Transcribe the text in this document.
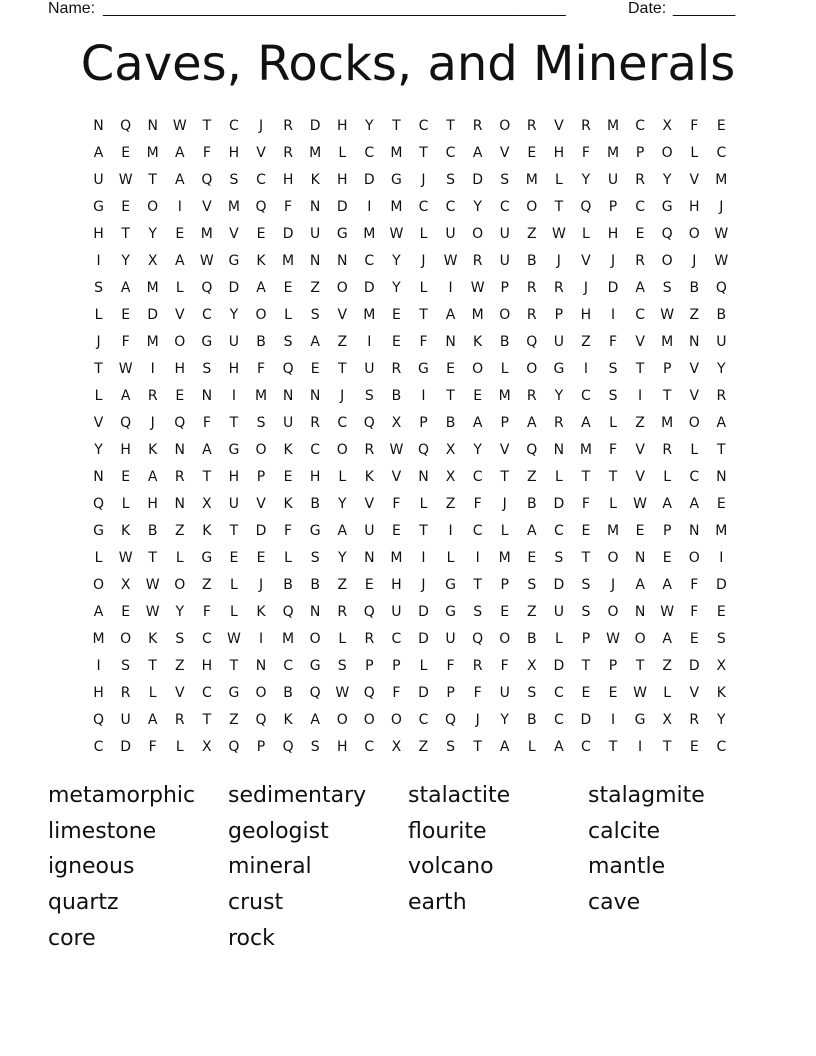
Name: ____________________________________________________	Date: _______
Caves, Rocks, and Minerals
N	Q	N	W	T	C	J	R	D	H	Y	T	C	T	R	O	R	V	R	M	C	X	F	E
A	E	M	A	F	H	V	R	M	L	C	M	T	C	A	V	E	H	F	M	P	O	L	C
U	W	T	A	Q	S	C	H	K	H	D	G	J	S	D	S	M	L	Y	U	R	Y	V	M
G	E	O	I	V	M	Q	F	N	D	I	M	C	C	Y	C	O	T	Q	P	C	G	H	J
H	T	Y	E	M	V	E	D	U	G	M	W	L	U	O	U	Z	W	L	H	E	Q	O	W
I	Y	X	A	W	G	K	M	N	N	C	Y	J	W	R	U	B	J	V	J	R	O	J	W
S	A	M	L	Q	D	A	E	Z	O	D	Y	L	I	W	P	R	R	J	D	A	S	B	Q
L	E	D	V	C	Y	O	L	S	V	M	E	T	A	M	O	R	P	H	I	C	W	Z	B
J	F	M	O	G	U	B	S	A	Z	I	E	F	N	K	B	Q	U	Z	F	V	M	N	U
T	W	I	H	S	H	F	Q	E	T	U	R	G	E	O	L	O	G	I	S	T	P	V	Y
L	A	R	E	N	I	M	N	N	J	S	B	I	T	E	M	R	Y	C	S	I	T	V	R
V	Q	J	Q	F	T	S	U	R	C	Q	X	P	B	A	P	A	R	A	L	Z	M	O	A
Y	H	K	N	A	G	O	K	C	O	R	W	Q	X	Y	V	Q	N	M	F	V	R	L	T
N	E	A	R	T	H	P	E	H	L	K	V	N	X	C	T	Z	L	T	T	V	L	C	N
Q	L	H	N	X	U	V	K	B	Y	V	F	L	Z	F	J	B	D	F	L	W	A	A	E
G	K	B	Z	K	T	D	F	G	A	U	E	T	I	C	L	A	C	E	M	E	P	N	M
L	W	T	L	G	E	E	L	S	Y	N	M	I	L	I	M	E	S	T	O	N	E	O	I
O	X	W	O	Z	L	J	B	B	Z	E	H	J	G	T	P	S	D	S	J	A	A	F	D
A	E	W	Y	F	L	K	Q	N	R	Q	U	D	G	S	E	Z	U	S	O	N	W	F	E
M	O	K	S	C	W	I	M	O	L	R	C	D	U	Q	O	B	L	P	W	O	A	E	S
I	S	T	Z	H	T	N	C	G	S	P	P	L	F	R	F	X	D	T	P	T	Z	D	X
H	R	L	V	C	G	O	B	Q	W	Q	F	D	P	F	U	S	C	E	E	W	L	V	K
Q	U	A	R	T	Z	Q	K	A	O	O	O	C	Q	J	Y	B	C	D	I	G	X	R	Y
C	D	F	L	X	Q	P	Q	S	H	C	X	Z	S	T	A	L	A	C	T	I	T	E	C
metamorphic	sedimentary	stalactite	stalagmite
limestone	geologist	flourite	calcite
igneous	mineral	volcano	mantle
quartz	crust	earth	cave
core	rock
